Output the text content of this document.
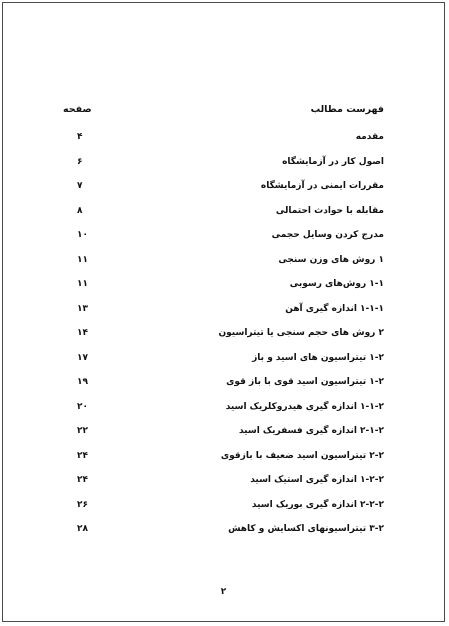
فهرست مطالب
صفحه
مقدمه
۴
اصول کار در آزمایشگاه
۶
مقررات ایمنی در آزمایشگاه
۷
مقابله با حوادث احتمالی
۸
مدرج کردن وسایل حجمی
۱۰
۱ روش های وزن سنجی
۱۱
۱-۱ روش‌های رسوبی
۱۱
۱-۱-۱ اندازه گیری آهن
۱۳
۲ روش های حجم سنجی یا تیتراسیون
۱۴
۱-۲ تیتراسیون های اسید و باز
۱۷
۱-۲ تیتراسیون اسید قوی با باز قوی
۱۹
۱-۱-۲ اندازه گیری هیدروکلریک اسید
۲۰
۲-۱-۲ اندازه گیری فسفریک اسید
۲۲
۲-۲ تیتراسیون اسید ضعیف با بازقوی
۲۴
۱-۲-۲ اندازه گیری استیک اسید
۲۴
۲-۲-۲ اندازه گیری بوریک اسید
۲۶
۳-۲ تیتراسیونهای اکسایش و کاهش
۲۸
۲
